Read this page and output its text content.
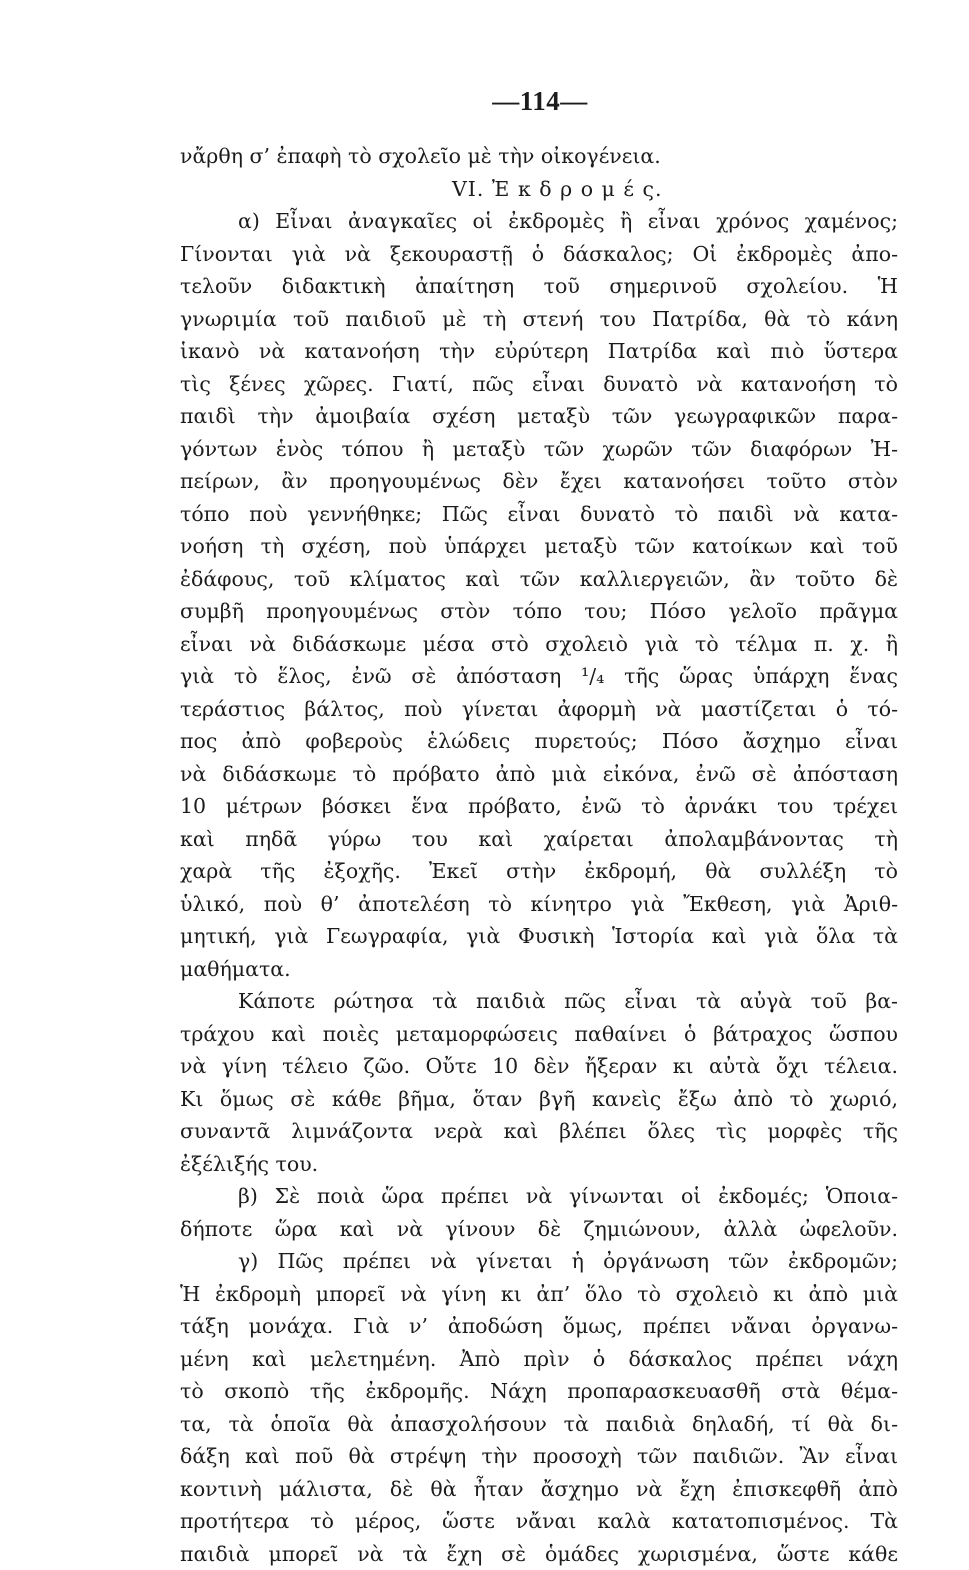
—114—
νἄρθη σ’ ἐπαφὴ τὸ σχολεῖο μὲ τὴν οἰκογένεια.
VI. Ἐ κ δ ρ ο μ έ ς.
α) Εἶναι ἀναγκαῖες οἱ ἐκδρομὲς ἢ εἶναι χρόνος χαμένος;
Γίνονται γιὰ νὰ ξεκουραστῇ ὁ δάσκαλος; Οἱ ἐκδρομὲς ἀπο-
τελοῦν διδακτικὴ ἀπαίτηση τοῦ σημερινοῦ σχολείου. Ἡ
γνωριμία τοῦ παιδιοῦ μὲ τὴ στενή του Πατρίδα, θὰ τὸ κάνη
ἱκανὸ νὰ κατανοήση τὴν εὐρύτερη Πατρίδα καὶ πιὸ ὕστερα
τὶς ξένες χῶρες. Γιατί, πῶς εἶναι δυνατὸ νὰ κατανοήση τὸ
παιδὶ τὴν ἀμοιβαία σχέση μεταξὺ τῶν γεωγραφικῶν παρα-
γόντων ἑνὸς τόπου ἢ μεταξὺ τῶν χωρῶν τῶν διαφόρων Ἠ-
πείρων, ἂν προηγουμένως δὲν ἔχει κατανοήσει τοῦτο στὸν
τόπο ποὺ γεννήθηκε; Πῶς εἶναι δυνατὸ τὸ παιδὶ νὰ κατα-
νοήση τὴ σχέση, ποὺ ὑπάρχει μεταξὺ τῶν κατοίκων καὶ τοῦ
ἐδάφους, τοῦ κλίματος καὶ τῶν καλλιεργειῶν, ἂν τοῦτο δὲ
συμβῆ προηγουμένως στὸν τόπο του; Πόσο γελοῖο πρᾶγμα
εἶναι νὰ διδάσκωμε μέσα στὸ σχολειὸ γιὰ τὸ τέλμα π. χ. ἢ
γιὰ τὸ ἕλος, ἐνῶ σὲ ἀπόσταση ¹/₄ τῆς ὥρας ὑπάρχη ἕνας
τεράστιος βάλτος, ποὺ γίνεται ἀφορμὴ νὰ μαστίζεται ὁ τό-
πος ἀπὸ φοβεροὺς ἑλώδεις πυρετούς; Πόσο ἄσχημο εἶναι
νὰ διδάσκωμε τὸ πρόβατο ἀπὸ μιὰ εἰκόνα, ἐνῶ σὲ ἀπόσταση
10 μέτρων βόσκει ἕνα πρόβατο, ἐνῶ τὸ ἀρνάκι του τρέχει
καὶ πηδᾶ γύρω του καὶ χαίρεται ἀπολαμβάνοντας τὴ
χαρὰ τῆς ἐξοχῆς. Ἐκεῖ στὴν ἐκδρομή, θὰ συλλέξη τὸ
ὑλικό, ποὺ θ’ ἀποτελέση τὸ κίνητρο γιὰ Ἔκθεση, γιὰ Ἀριθ-
μητική, γιὰ Γεωγραφία, γιὰ Φυσικὴ Ἱστορία καὶ γιὰ ὅλα τὰ
μαθήματα.
Κάποτε ρώτησα τὰ παιδιὰ πῶς εἶναι τὰ αὐγὰ τοῦ βα-
τράχου καὶ ποιὲς μεταμορφώσεις παθαίνει ὁ βάτραχος ὥσπου
νὰ γίνη τέλειο ζῶο. Οὔτε 10 δὲν ἤξεραν κι αὐτὰ ὄχι τέλεια.
Κι ὅμως σὲ κάθε βῆμα, ὅταν βγῆ κανεὶς ἔξω ἀπὸ τὸ χωριό,
συναντᾶ λιμνάζοντα νερὰ καὶ βλέπει ὅλες τὶς μορφὲς τῆς
ἐξέλιξής του.
β) Σὲ ποιὰ ὥρα πρέπει νὰ γίνωνται οἱ ἐκδομές; Ὁποια-
δήποτε ὥρα καὶ νὰ γίνουν δὲ ζημιώνουν, ἀλλὰ ὠφελοῦν.
γ) Πῶς πρέπει νὰ γίνεται ἡ ὀργάνωση τῶν ἐκδρομῶν;
Ἡ ἐκδρομὴ μπορεῖ νὰ γίνη κι ἀπ’ ὅλο τὸ σχολειὸ κι ἀπὸ μιὰ
τάξη μονάχα. Γιὰ ν’ ἀποδώση ὅμως, πρέπει νἄναι ὀργανω-
μένη καὶ μελετημένη. Ἀπὸ πρὶν ὁ δάσκαλος πρέπει νάχη
τὸ σκοπὸ τῆς ἐκδρομῆς. Νάχη προπαρασκευασθῆ στὰ θέμα-
τα, τὰ ὁποῖα θὰ ἀπασχολήσουν τὰ παιδιὰ δηλαδή, τί θὰ δι-
δάξη καὶ ποῦ θὰ στρέψη τὴν προσοχὴ τῶν παιδιῶν. Ἂν εἶναι
κοντινὴ μάλιστα, δὲ θὰ ἦταν ἄσχημο νὰ ἔχη ἐπισκεφθῆ ἀπὸ
προτήτερα τὸ μέρος, ὥστε νἄναι καλὰ κατατοπισμένος. Τὰ
παιδιὰ μπορεῖ νὰ τὰ ἔχη σὲ ὁμάδες χωρισμένα, ὥστε κάθε
